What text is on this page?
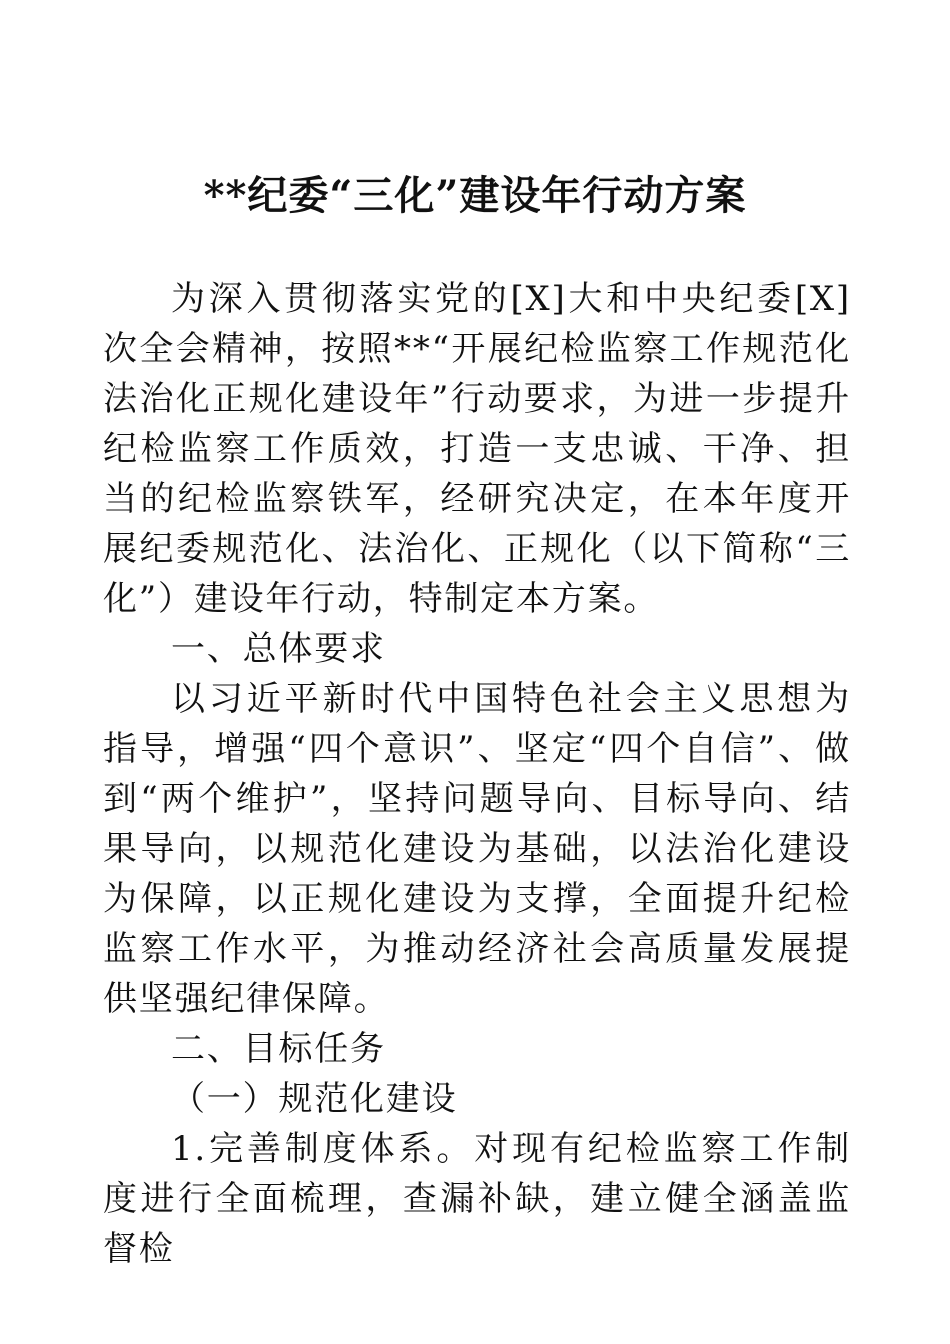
**纪委“三化”建设年行动方案

为深入贯彻落实党的[X]大和中央纪委[X]次全会精神，按照**“开展纪检监察工作规范化法治化正规化建设年”行动要求，为进一步提升纪检监察工作质效，打造一支忠诚、干净、担当的纪检监察铁军，经研究决定，在本年度开展纪委规范化、法治化、正规化（以下简称“三化”）建设年行动，特制定本方案。

一、总体要求

以习近平新时代中国特色社会主义思想为指导，增强“四个意识”、坚定“四个自信”、做到“两个维护”，坚持问题导向、目标导向、结果导向，以规范化建设为基础，以法治化建设为保障，以正规化建设为支撑，全面提升纪检监察工作水平，为推动经济社会高质量发展提供坚强纪律保障。

二、目标任务

（一）规范化建设

1.完善制度体系。对现有纪检监察工作制度进行全面梳理，查漏补缺，建立健全涵盖监督检
